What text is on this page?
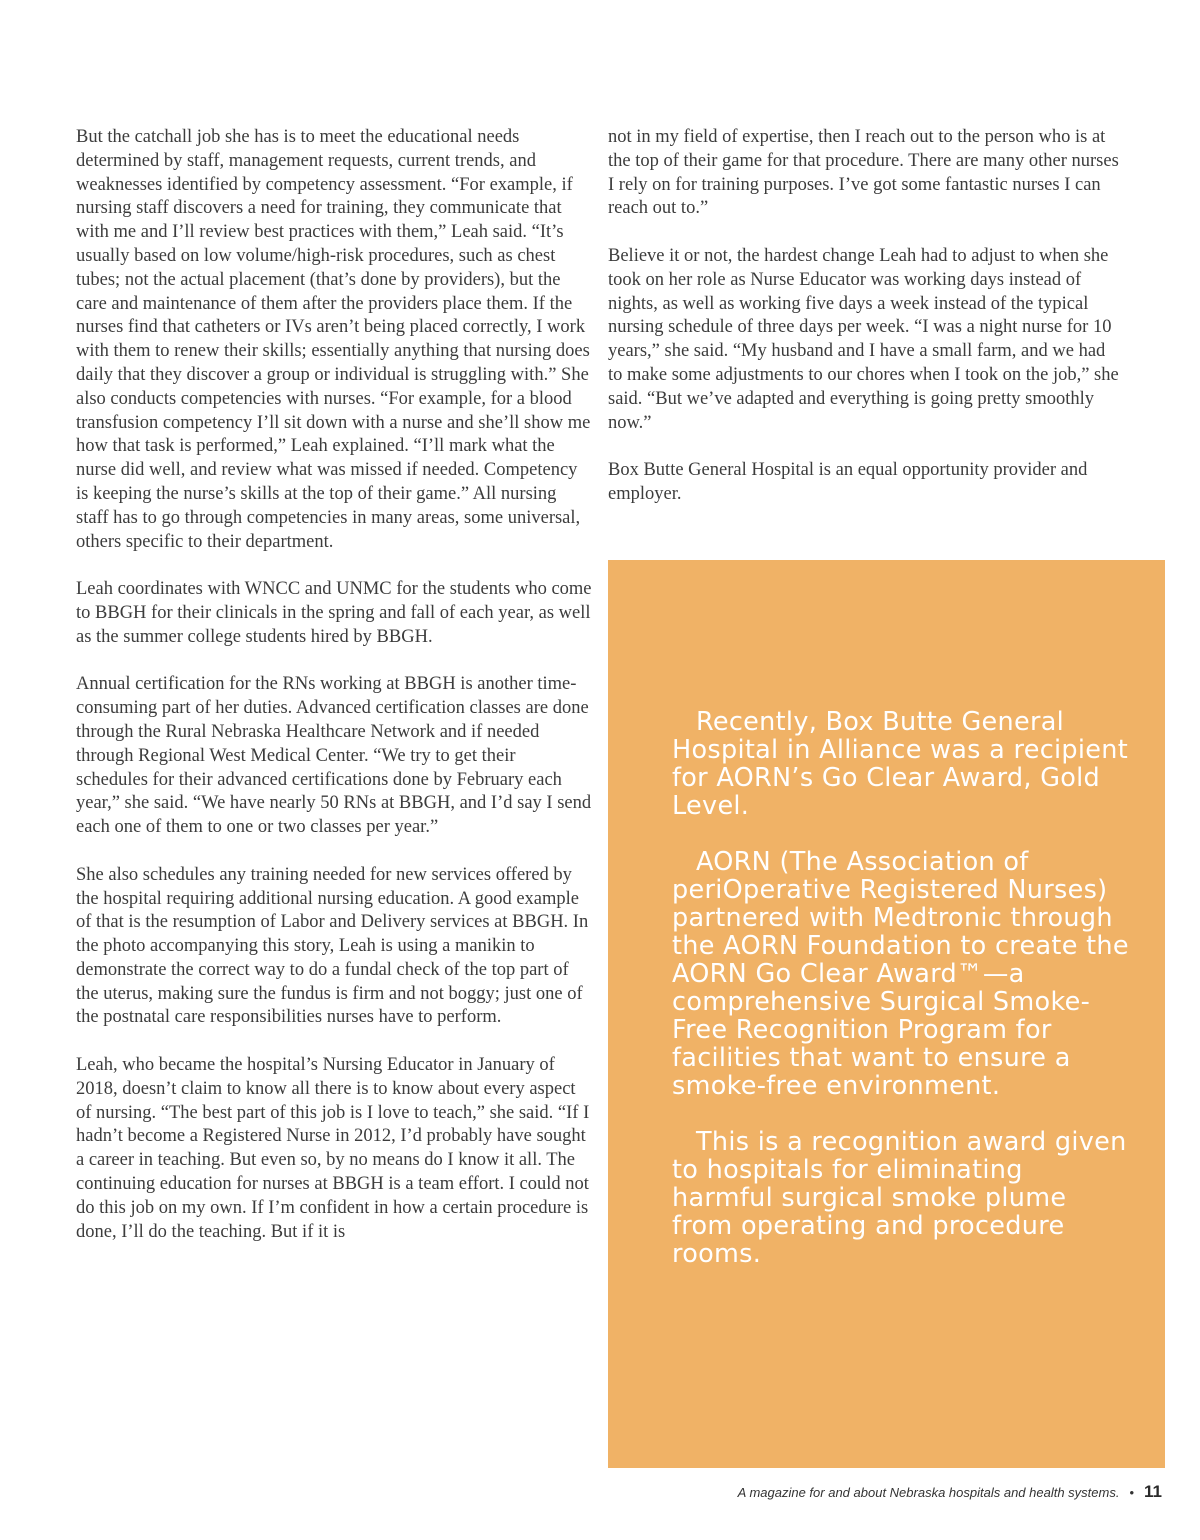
But the catchall job she has is to meet the educational needs determined by staff, management requests, current trends, and weaknesses identified by competency assessment. “For example, if nursing staff discovers a need for training, they communicate that with me and I’ll review best practices with them,” Leah said. “It’s usually based on low volume/high-risk procedures, such as chest tubes; not the actual placement (that’s done by providers), but the care and maintenance of them after the providers place them. If the nurses find that catheters or IVs aren’t being placed correctly, I work with them to renew their skills; essentially anything that nursing does daily that they discover a group or individual is struggling with.” She also conducts competencies with nurses. “For example, for a blood transfusion competency I’ll sit down with a nurse and she’ll show me how that task is performed,” Leah explained. “I’ll mark what the nurse did well, and review what was missed if needed. Competency is keeping the nurse’s skills at the top of their game.” All nursing staff has to go through competencies in many areas, some universal, others specific to their department.

Leah coordinates with WNCC and UNMC for the students who come to BBGH for their clinicals in the spring and fall of each year, as well as the summer college students hired by BBGH.

Annual certification for the RNs working at BBGH is another time-consuming part of her duties. Advanced certification classes are done through the Rural Nebraska Healthcare Network and if needed through Regional West Medical Center. “We try to get their schedules for their advanced certifications done by February each year,” she said. “We have nearly 50 RNs at BBGH, and I’d say I send each one of them to one or two classes per year.”

She also schedules any training needed for new services offered by the hospital requiring additional nursing education. A good example of that is the resumption of Labor and Delivery services at BBGH. In the photo accompanying this story, Leah is using a manikin to demonstrate the correct way to do a fundal check of the top part of the uterus, making sure the fundus is firm and not boggy; just one of the postnatal care responsibilities nurses have to perform.

Leah, who became the hospital’s Nursing Educator in January of 2018, doesn’t claim to know all there is to know about every aspect of nursing. “The best part of this job is I love to teach,” she said. “If I hadn’t become a Registered Nurse in 2012, I’d probably have sought a career in teaching. But even so, by no means do I know it all. The continuing education for nurses at BBGH is a team effort. I could not do this job on my own. If I’m confident in how a certain procedure is done, I’ll do the teaching. But if it is

not in my field of expertise, then I reach out to the person who is at the top of their game for that procedure. There are many other nurses I rely on for training purposes. I’ve got some fantastic nurses I can reach out to.”

Believe it or not, the hardest change Leah had to adjust to when she took on her role as Nurse Educator was working days instead of nights, as well as working five days a week instead of the typical nursing schedule of three days per week. “I was a night nurse for 10 years,” she said. “My husband and I have a small farm, and we had to make some adjustments to our chores when I took on the job,” she said. “But we’ve adapted and everything is going pretty smoothly now.”

Box Butte General Hospital is an equal opportunity provider and employer.

Recently, Box Butte General Hospital in Alliance was a recipient for AORN’s Go Clear Award, Gold Level.

AORN (The Association of periOperative Registered Nurses) partnered with Medtronic through the AORN Foundation to create the AORN Go Clear Award™—a comprehensive Surgical Smoke-Free Recognition Program for facilities that want to ensure a smoke-free environment.

This is a recognition award given to hospitals for eliminating harmful surgical smoke plume from operating and procedure rooms.

A magazine for and about Nebraska hospitals and health systems. • 11
